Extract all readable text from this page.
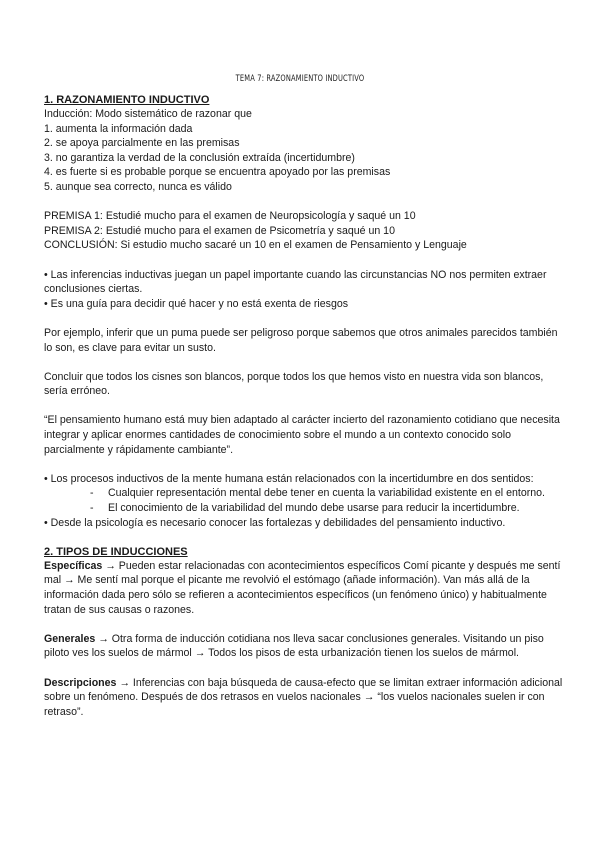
TEMA 7: RAZONAMIENTO INDUCTIVO

1. RAZONAMIENTO INDUCTIVO

Inducción: Modo sistemático de razonar que

1. aumenta la información dada

2. se apoya parcialmente en las premisas

3. no garantiza la verdad de la conclusión extraída (incertidumbre)

4. es fuerte si es probable porque se encuentra apoyado por las premisas

5. aunque sea correcto, nunca es válido

PREMISA 1: Estudié mucho para el examen de Neuropsicología y saqué un 10

PREMISA 2: Estudié mucho para el examen de Psicometría y saqué un 10

CONCLUSIÓN: Si estudio mucho sacaré un 10 en el examen de Pensamiento y Lenguaje

• Las inferencias inductivas juegan un papel importante cuando las circunstancias NO nos permiten extraer conclusiones ciertas.

• Es una guía para decidir qué hacer y no está exenta de riesgos

Por ejemplo, inferir que un puma puede ser peligroso porque sabemos que otros animales parecidos también lo son, es clave para evitar un susto.

Concluir que todos los cisnes son blancos, porque todos los que hemos visto en nuestra vida son blancos, sería erróneo.

“El pensamiento humano está muy bien adaptado al carácter incierto del razonamiento cotidiano que necesita integrar y aplicar enormes cantidades de conocimiento sobre el mundo a un contexto conocido solo parcialmente y rápidamente cambiante”.

• Los procesos inductivos de la mente humana están relacionados con la incertidumbre en dos sentidos:

- Cualquier representación mental debe tener en cuenta la variabilidad existente en el entorno.

- El conocimiento de la variabilidad del mundo debe usarse para reducir la incertidumbre.

• Desde la psicología es necesario conocer las fortalezas y debilidades del pensamiento inductivo.

2. TIPOS DE INDUCCIONES

Específicas → Pueden estar relacionadas con acontecimientos específicos Comí picante y después me sentí mal → Me sentí mal porque el picante me revolvió el estómago (añade información). Van más allá de la información dada pero sólo se refieren a acontecimientos específicos (un fenómeno único) y habitualmente tratan de sus causas o razones.

Generales → Otra forma de inducción cotidiana nos lleva sacar conclusiones generales. Visitando un piso piloto ves los suelos de mármol → Todos los pisos de esta urbanización tienen los suelos de mármol.

Descripciones → Inferencias con baja búsqueda de causa-efecto que se limitan extraer información adicional sobre un fenómeno. Después de dos retrasos en vuelos nacionales → “los vuelos nacionales suelen ir con retraso”.
